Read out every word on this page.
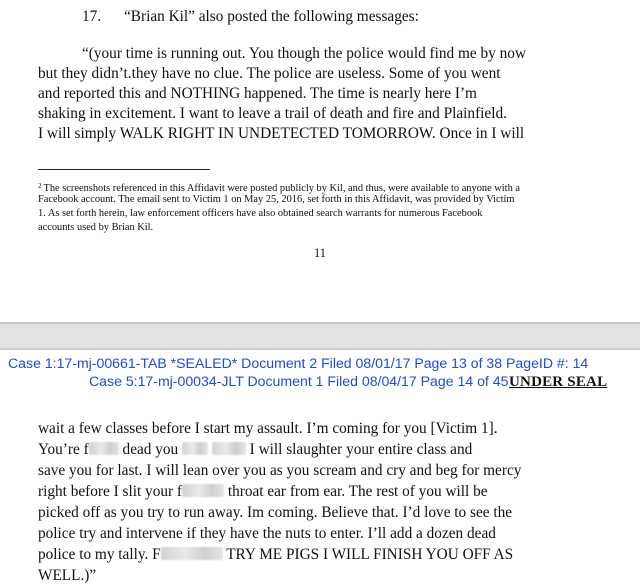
17. “Brian Kil” also posted the following messages:
“(your time is running out. You though the police would find me by now
but they didn’t.they have no clue. The police are useless. Some of you went
and reported this and NOTHING happened. The time is nearly here I’m
shaking in excitement. I want to leave a trail of death and fire and Plainfield.
I will simply WALK RIGHT IN UNDETECTED TOMORROW. Once in I will
$^2$ The screenshots referenced in this Affidavit were posted publicly by Kil, and thus, were available to anyone with a
Facebook account. The email sent to Victim 1 on May 25, 2016, set forth in this Affidavit, was provided by Victim
1. As set forth herein, law enforcement officers have also obtained search warrants for numerous Facebook
accounts used by Brian Kil.
11
Case 1:17-mj-00661-TAB *SEALED* Document 2 Filed 08/01/17 Page 13 of 38 PageID #: 14
Case 5:17-mj-00034-JLT Document 1 Filed 08/04/17 Page 14 of 45 UNDER SEAL
wait a few classes before I start my assault. I’m coming for you [Victim 1].
You’re f dead you	I will slaughter your entire class and
save you for last. I will lean over you as you scream and cry and beg for mercy
right before I slit your f	throat ear from ear. The rest of you will be
picked off as you try to run away. Im coming. Believe that. I’d love to see the
police try and intervene if they have the nuts to enter. I’ll add a dozen dead
police to my tally. F	TRY ME PIGS I WILL FINISH YOU OFF AS
WELL.)”
